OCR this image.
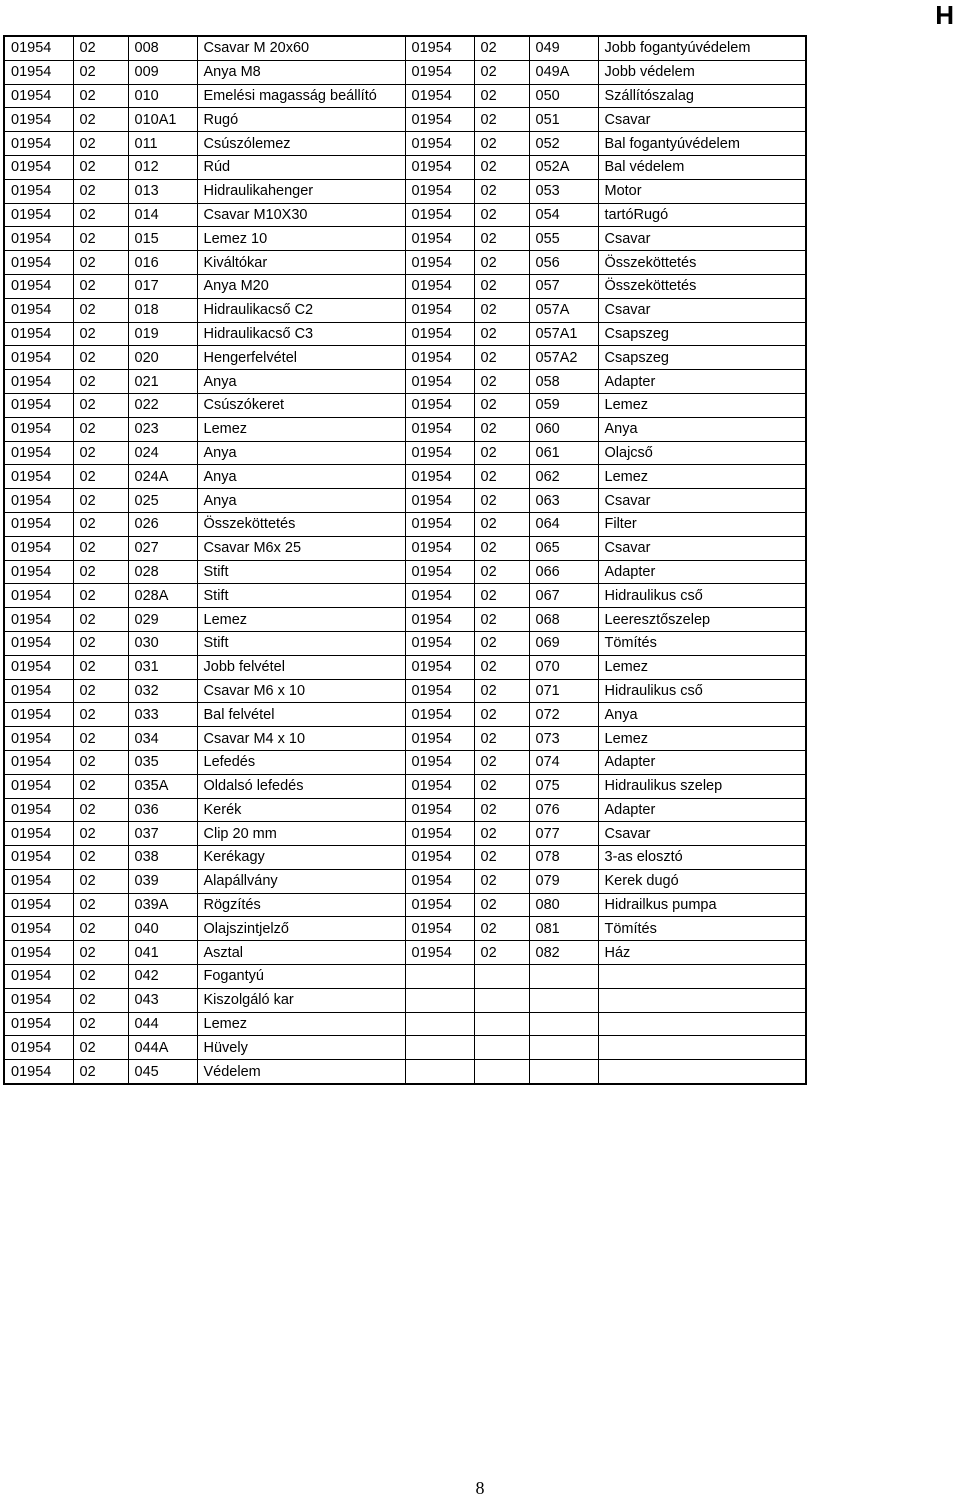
H
01954	02	008	Csavar M 20x60	01954	02	049	Jobb fogantyúvédelem
01954	02	009	Anya M8	01954	02	049A	Jobb védelem
01954	02	010	Emelési magasság beállító	01954	02	050	Szállítószalag
01954	02	010A1	Rugó	01954	02	051	Csavar
01954	02	011	Csúszólemez	01954	02	052	Bal fogantyúvédelem
01954	02	012	Rúd	01954	02	052A	Bal védelem
01954	02	013	Hidraulikahenger	01954	02	053	Motor
01954	02	014	Csavar M10X30	01954	02	054	tartóRugó
01954	02	015	Lemez 10	01954	02	055	Csavar
01954	02	016	Kiváltókar	01954	02	056	Összeköttetés
01954	02	017	Anya M20	01954	02	057	Összeköttetés
01954	02	018	Hidraulikacső C2	01954	02	057A	Csavar
01954	02	019	Hidraulikacső C3	01954	02	057A1	Csapszeg
01954	02	020	Hengerfelvétel	01954	02	057A2	Csapszeg
01954	02	021	Anya	01954	02	058	Adapter
01954	02	022	Csúszókeret	01954	02	059	Lemez
01954	02	023	Lemez	01954	02	060	Anya
01954	02	024	Anya	01954	02	061	Olajcső
01954	02	024A	Anya	01954	02	062	Lemez
01954	02	025	Anya	01954	02	063	Csavar
01954	02	026	Összeköttetés	01954	02	064	Filter
01954	02	027	Csavar M6x 25	01954	02	065	Csavar
01954	02	028	Stift	01954	02	066	Adapter
01954	02	028A	Stift	01954	02	067	Hidraulikus cső
01954	02	029	Lemez	01954	02	068	Leeresztőszelep
01954	02	030	Stift	01954	02	069	Tömítés
01954	02	031	Jobb felvétel	01954	02	070	Lemez
01954	02	032	Csavar M6 x 10	01954	02	071	Hidraulikus cső
01954	02	033	Bal felvétel	01954	02	072	Anya
01954	02	034	Csavar M4 x 10	01954	02	073	Lemez
01954	02	035	Lefedés	01954	02	074	Adapter
01954	02	035A	Oldalsó lefedés	01954	02	075	Hidraulikus szelep
01954	02	036	Kerék	01954	02	076	Adapter
01954	02	037	Clip 20 mm	01954	02	077	Csavar
01954	02	038	Kerékagy	01954	02	078	3-as elosztó
01954	02	039	Alapállvány	01954	02	079	Kerek dugó
01954	02	039A	Rögzítés	01954	02	080	Hidrailkus pumpa
01954	02	040	Olajszintjelző	01954	02	081	Tömítés
01954	02	041	Asztal	01954	02	082	Ház
01954	02	042	Fogantyú				
01954	02	043	Kiszolgáló kar				
01954	02	044	Lemez				
01954	02	044A	Hüvely				
01954	02	045	Védelem				
8
